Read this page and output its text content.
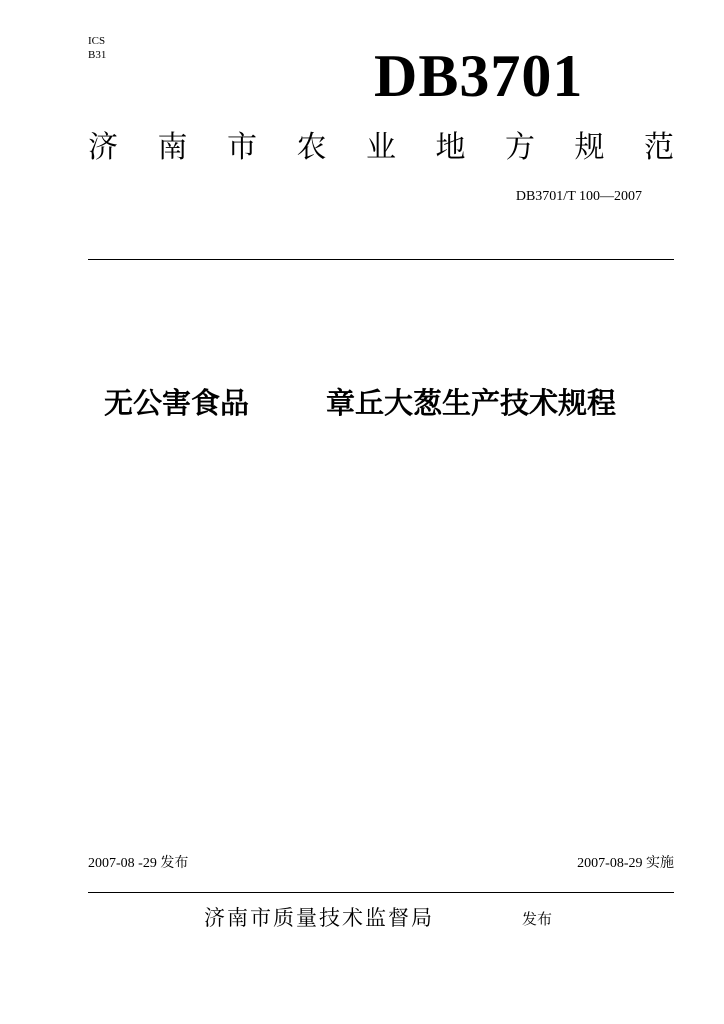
ICS
B31	DB3701
济 南 市 农 业 地 方 规 范
DB3701/T 100—2007
无公害食品	章丘大葱生产技术规程
2007-08 -29 发布	2007-08-29 实施
济南市质量技术监督局	发布
